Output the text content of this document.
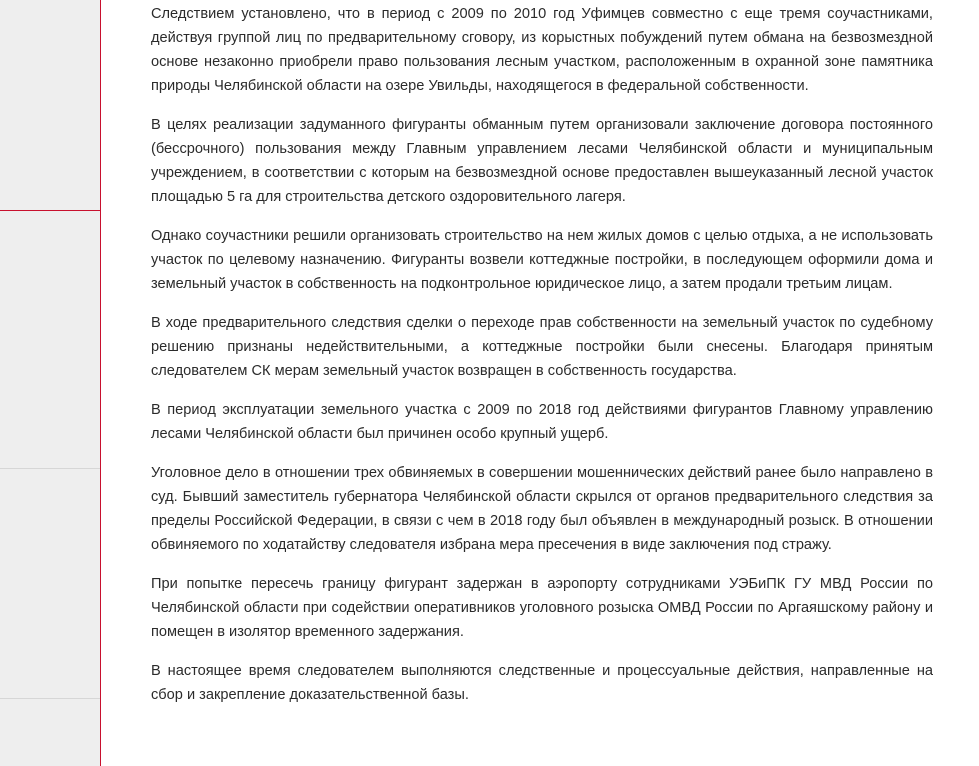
Следствием установлено, что в период с 2009 по 2010 год Уфимцев совместно с еще тремя соучастниками, действуя группой лиц по предварительному сговору, из корыстных побуждений путем обмана на безвозмездной основе незаконно приобрели право пользования лесным участком, расположенным в охранной зоне памятника природы Челябинской области на озере Увильды, находящегося в федеральной собственности.

В целях реализации задуманного фигуранты обманным путем организовали заключение договора постоянного (бессрочного) пользования между Главным управлением лесами Челябинской области и муниципальным учреждением, в соответствии с которым на безвозмездной основе предоставлен вышеуказанный лесной участок площадью 5 га для строительства детского оздоровительного лагеря.

Однако соучастники решили организовать строительство на нем жилых домов с целью отдыха, а не использовать участок по целевому назначению. Фигуранты возвели коттеджные постройки, в последующем оформили дома и земельный участок в собственность на подконтрольное юридическое лицо, а затем продали третьим лицам.

В ходе предварительного следствия сделки о переходе прав собственности на земельный участок по судебному решению признаны недействительными, а коттеджные постройки были снесены. Благодаря принятым следователем СК мерам земельный участок возвращен в собственность государства.

В период эксплуатации земельного участка с 2009 по 2018 год действиями фигурантов Главному управлению лесами Челябинской области был причинен особо крупный ущерб.

Уголовное дело в отношении трех обвиняемых в совершении мошеннических действий ранее было направлено в суд. Бывший заместитель губернатора Челябинской области скрылся от органов предварительного следствия за пределы Российской Федерации, в связи с чем в 2018 году был объявлен в международный розыск. В отношении обвиняемого по ходатайству следователя избрана мера пресечения в виде заключения под стражу.

При попытке пересечь границу фигурант задержан в аэропорту сотрудниками УЭБиПК ГУ МВД России по Челябинской области при содействии оперативников уголовного розыска ОМВД России по Аргаяшскому району и помещен в изолятор временного задержания.

В настоящее время следователем выполняются следственные и процессуальные действия, направленные на сбор и закрепление доказательственной базы.
